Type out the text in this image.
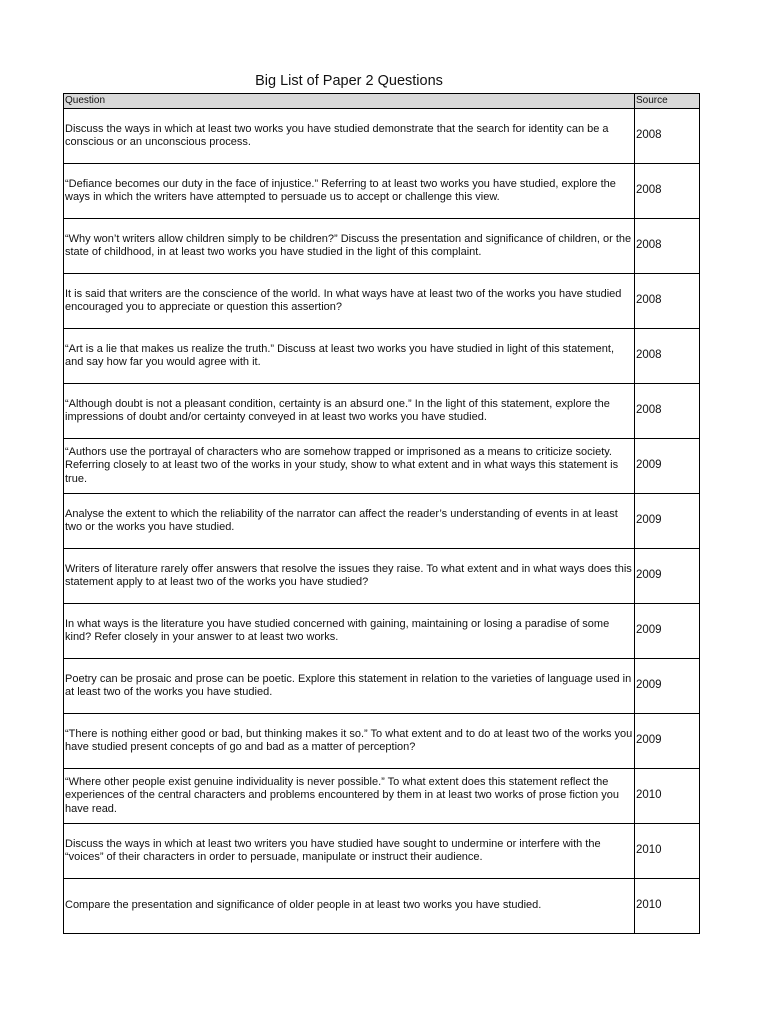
Big List of Paper 2 Questions
Question	Source
Discuss the ways in which at least two works you have studied demonstrate that the search for identity can be a conscious or an unconscious process.	2008
“Defiance becomes our duty in the face of injustice.” Referring to at least two works you have studied, explore the ways in which the writers have attempted to persuade us to accept or challenge this view.	2008
“Why won’t writers allow children simply to be children?” Discuss the presentation and significance of children, or the state of childhood, in at least two works you have studied in the light of this complaint.	2008
It is said that writers are the conscience of the world. In what ways have at least two of the works you have studied encouraged you to appreciate or question this assertion?	2008
“Art is a lie that makes us realize the truth.” Discuss at least two works you have studied in light of this statement, and say how far you would agree with it.	2008
“Although doubt is not a pleasant condition, certainty is an absurd one.” In the light of this statement, explore the impressions of doubt and/or certainty conveyed in at least two works you have studied.	2008
“Authors use the portrayal of characters who are somehow trapped or imprisoned as a means to criticize society. Referring closely to at least two of the works in your study, show to what extent and in what ways this statement is true.	2009
Analyse the extent to which the reliability of the narrator can affect the reader’s understanding of events in at least two or the works you have studied.	2009
Writers of literature rarely offer answers that resolve the issues they raise. To what extent and in what ways does this statement apply to at least two of the works you have studied?	2009
In what ways is the literature you have studied concerned with gaining, maintaining or losing a paradise of some kind? Refer closely in your answer to at least two works.	2009
Poetry can be prosaic and prose can be poetic. Explore this statement in relation to the varieties of language used in at least two of the works you have studied.	2009
“There is nothing either good or bad, but thinking makes it so.” To what extent and to do at least two of the works you have studied present concepts of go and bad as a matter of perception?	2009
“Where other people exist genuine individuality is never possible.” To what extent does this statement reflect the experiences of the central characters and problems encountered by them in at least two works of prose fiction you have read.	2010
Discuss the ways in which at least two writers you have studied have sought to undermine or interfere with the “voices” of their characters in order to persuade, manipulate or instruct their audience.	2010
Compare the presentation and significance of older people in at least two works you have studied.	2010
